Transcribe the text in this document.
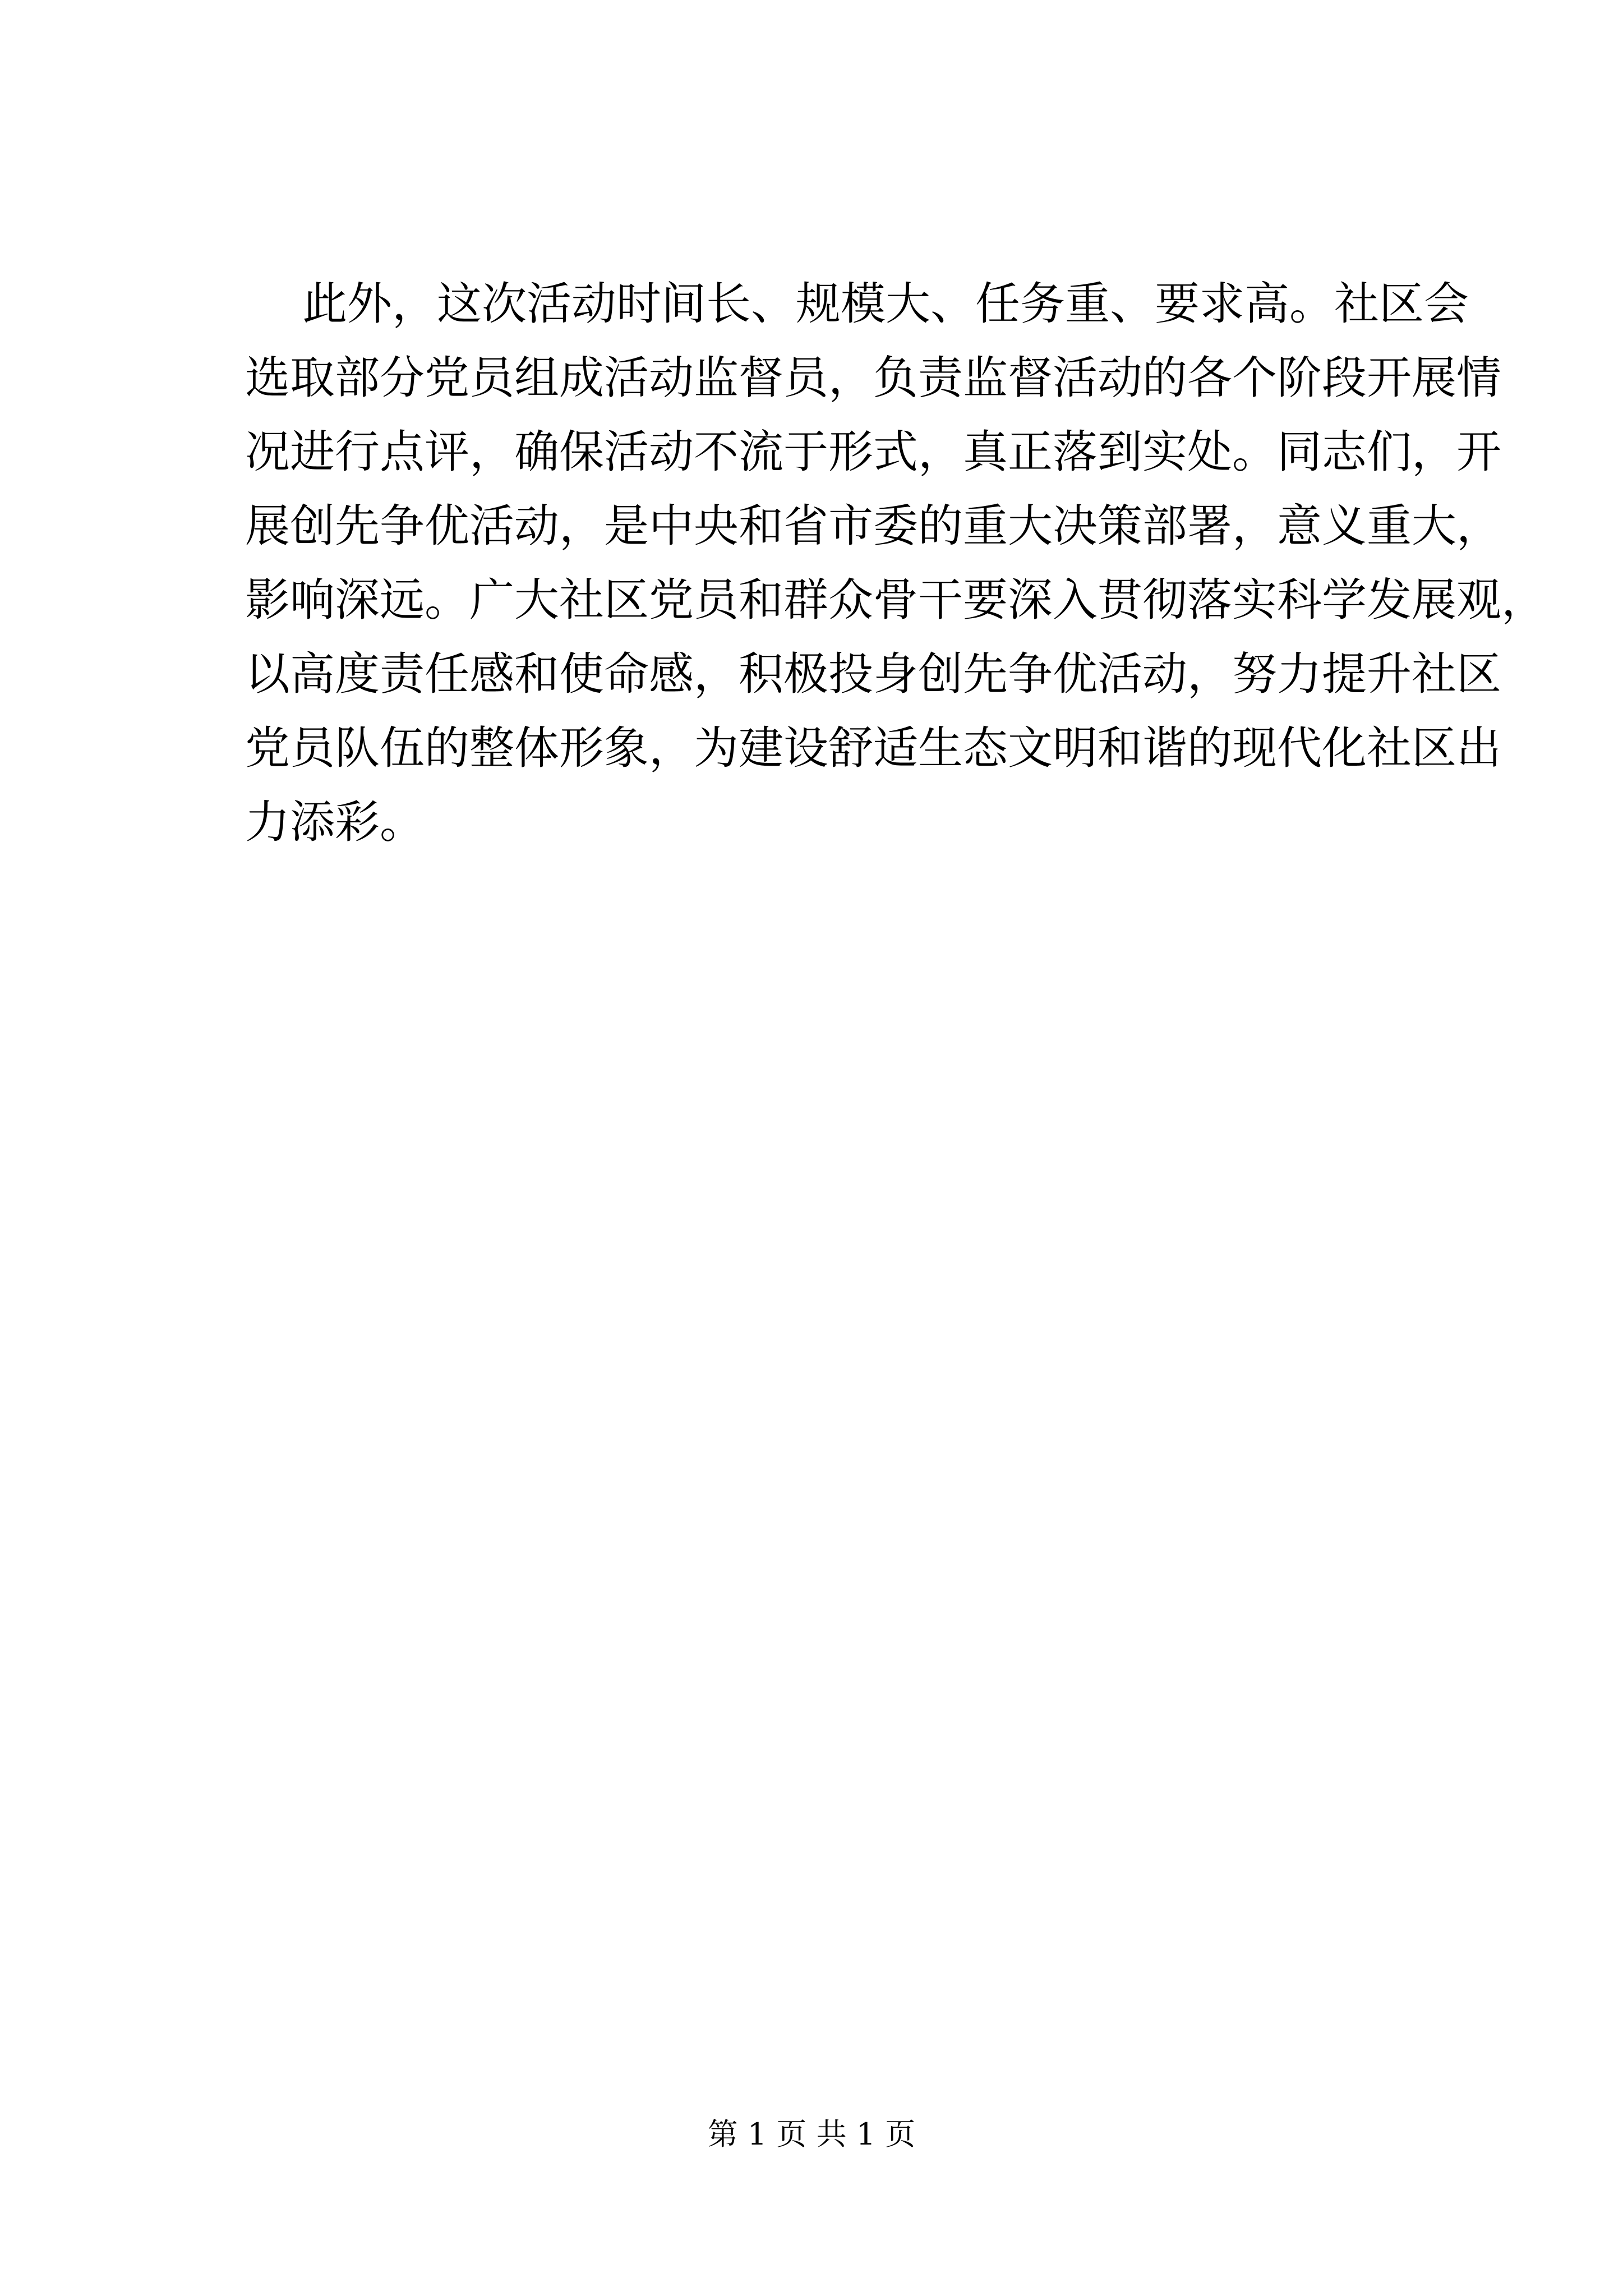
此外，这次活动时间长、规模大、任务重、要求高。社区会
选取部分党员组成活动监督员，负责监督活动的各个阶段开展情
况进行点评，确保活动不流于形式，真正落到实处。同志们，开
展创先争优活动，是中央和省市委的重大决策部署，意义重大，
影响深远。广大社区党员和群众骨干要深入贯彻落实科学发展观，
以高度责任感和使命感，积极投身创先争优活动，努力提升社区
党员队伍的整体形象，为建设舒适生态文明和谐的现代化社区出
力添彩。

第 1 页 共 1 页
